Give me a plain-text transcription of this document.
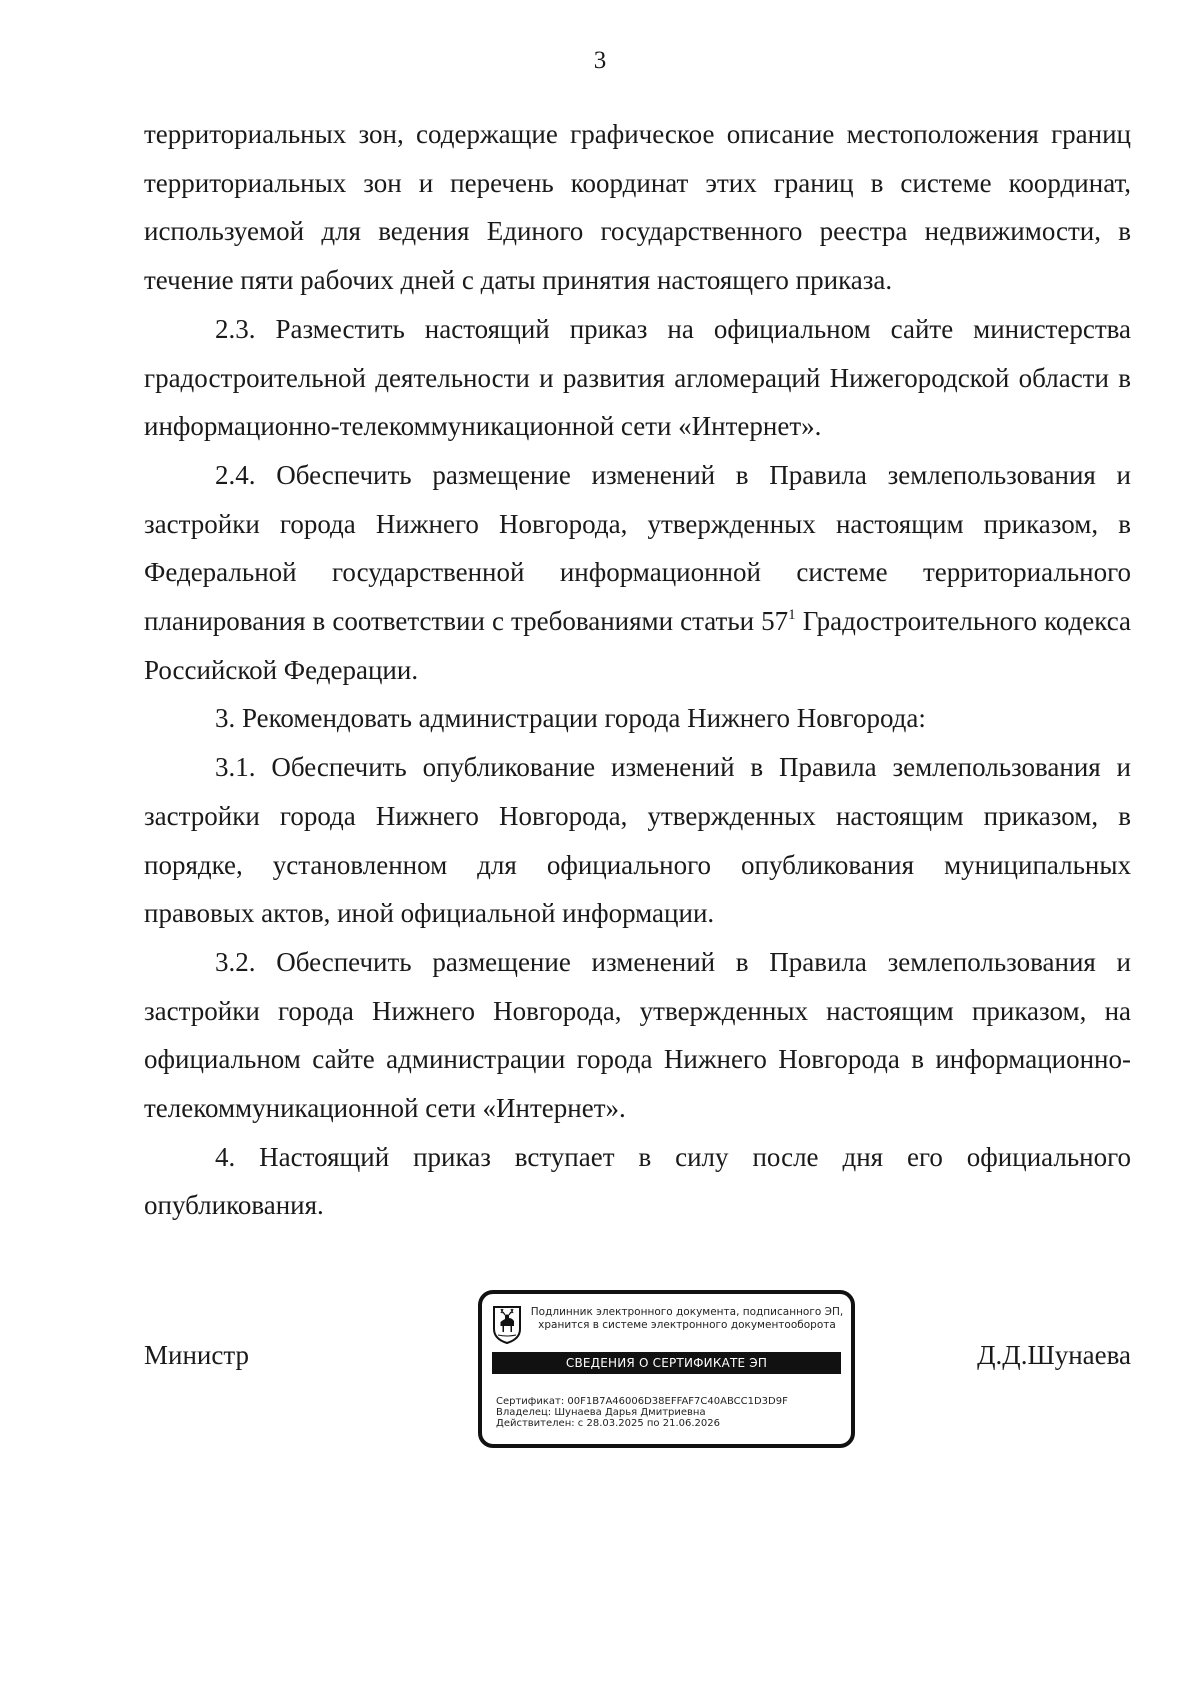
3

территориальных зон, содержащие графическое описание местоположения границ территориальных зон и перечень координат этих границ в системе координат, используемой для ведения Единого государственного реестра недвижимости, в течение пяти рабочих дней с даты принятия настоящего приказа.

2.3. Разместить настоящий приказ на официальном сайте министерства градостроительной деятельности и развития агломераций Нижегородской области в информационно-телекоммуникационной сети «Интернет».

2.4. Обеспечить размещение изменений в Правила землепользования и застройки города Нижнего Новгорода, утвержденных настоящим приказом, в Федеральной государственной информационной системе территориального планирования в соответствии с требованиями статьи $57^1$ Градостроительного кодекса Российской Федерации.

3. Рекомендовать администрации города Нижнего Новгорода:

3.1. Обеспечить опубликование изменений в Правила землепользования и застройки города Нижнего Новгорода, утвержденных настоящим приказом, в порядке, установленном для официального опубликования муниципальных правовых актов, иной официальной информации.

3.2. Обеспечить размещение изменений в Правила землепользования и застройки города Нижнего Новгорода, утвержденных настоящим приказом, на официальном сайте администрации города Нижнего Новгорода в информационно-телекоммуникационной сети «Интернет».

4. Настоящий приказ вступает в силу после дня его официального опубликования.

Министр
Подлинник электронного документа, подписанного ЭП,
хранится в системе электронного документооборота
СВЕДЕНИЯ О СЕРТИФИКАТЕ ЭП
Сертификат: 00F1B7A46006D38EFFAF7C40ABCC1D3D9F
Владелец: Шунаева Дарья Дмитриевна
Действителен: с 28.03.2025 по 21.06.2026
Д.Д.Шунаева
